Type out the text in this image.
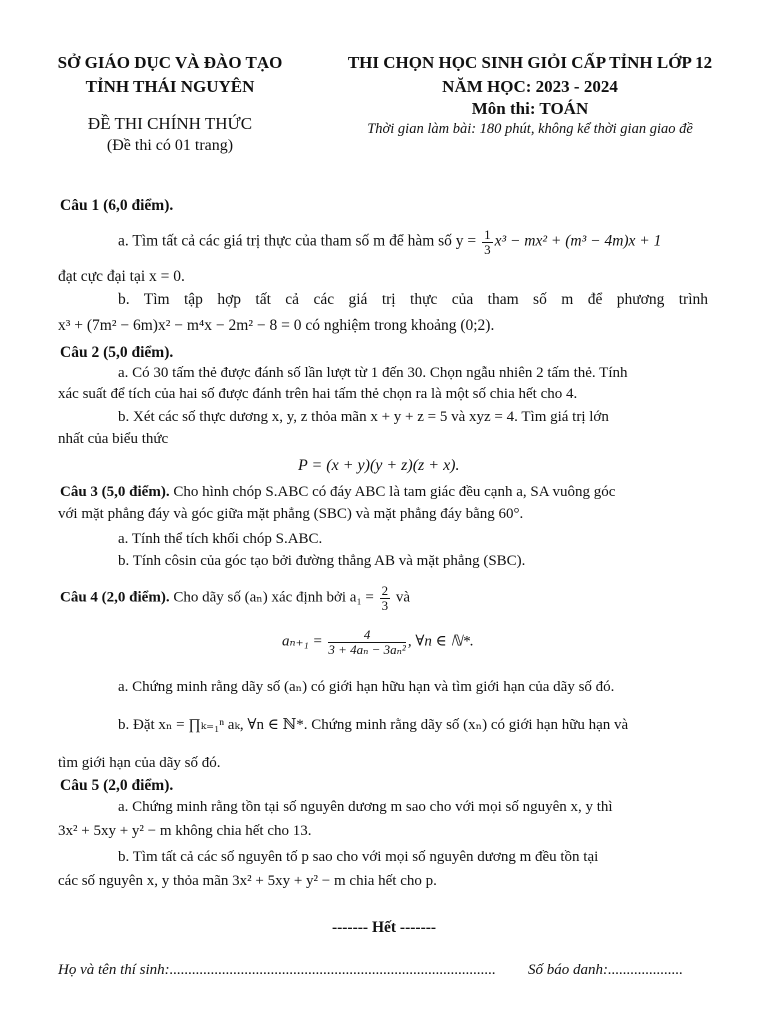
SỞ GIÁO DỤC VÀ ĐÀO TẠO
TỈNH THÁI NGUYÊN
ĐỀ THI CHÍNH THỨC
(Đề thi có 01 trang)
THI CHỌN HỌC SINH GIỎI CẤP TỈNH LỚP 12
NĂM HỌC: 2023 - 2024
Môn thi: TOÁN
Thời gian làm bài: 180 phút, không kể thời gian giao đề
Câu 1 (6,0 điểm).
a. Tìm tất cả các giá trị thực của tham số m để hàm số $y = \frac{1}{3} x^3 - mx^2 + (m^3 - 4m)x + 1$
đạt cực đại tại x = 0.
b. Tìm tập hợp tất cả các giá trị thực của tham số m để phương trình
x³ + (7m² − 6m)x² − m⁴x − 2m² − 8 = 0 có nghiệm trong khoảng (0;2).
Câu 2 (5,0 điểm).
a. Có 30 tấm thẻ được đánh số lần lượt từ 1 đến 30. Chọn ngẫu nhiên 2 tấm thẻ. Tính
xác suất để tích của hai số được đánh trên hai tấm thẻ chọn ra là một số chia hết cho 4.
b. Xét các số thực dương x, y, z thỏa mãn x + y + z = 5 và xyz = 4. Tìm giá trị lớn
nhất của biểu thức
P = (x + y)(y + z)(z + x).
Câu 3 (5,0 điểm). Cho hình chóp S.ABC có đáy ABC là tam giác đều cạnh a, SA vuông góc
với mặt phẳng đáy và góc giữa mặt phẳng (SBC) và mặt phẳng đáy bằng 60°.
a. Tính thể tích khối chóp S.ABC.
b. Tính côsin của góc tạo bởi đường thẳng AB và mặt phẳng (SBC).
Câu 4 (2,0 điểm). Cho dãy số (aₙ) xác định bởi $a_1 = \frac{2}{3}$ và
$a_{n+1} = \frac{4}{\text{3 + 4aₙ − 3aₙ²}}$ , ∀n ∈ ℕ*.
a. Chứng minh rằng dãy số (aₙ) có giới hạn hữu hạn và tìm giới hạn của dãy số đó.
b. Đặt xₙ = ∏ₖ₌₁ⁿ aₖ, ∀n ∈ ℕ*. Chứng minh rằng dãy số (xₙ) có giới hạn hữu hạn và
tìm giới hạn của dãy số đó.
Câu 5 (2,0 điểm).
a. Chứng minh rằng tồn tại số nguyên dương m sao cho với mọi số nguyên x, y thì
3x² + 5xy + y² − m không chia hết cho 13.
b. Tìm tất cả các số nguyên tố p sao cho với mọi số nguyên dương m đều tồn tại
các số nguyên x, y thỏa mãn 3x² + 5xy + y² − m chia hết cho p.
------- Hết -------
Họ và tên thí sinh:....................................................................................... Số báo danh:....................
